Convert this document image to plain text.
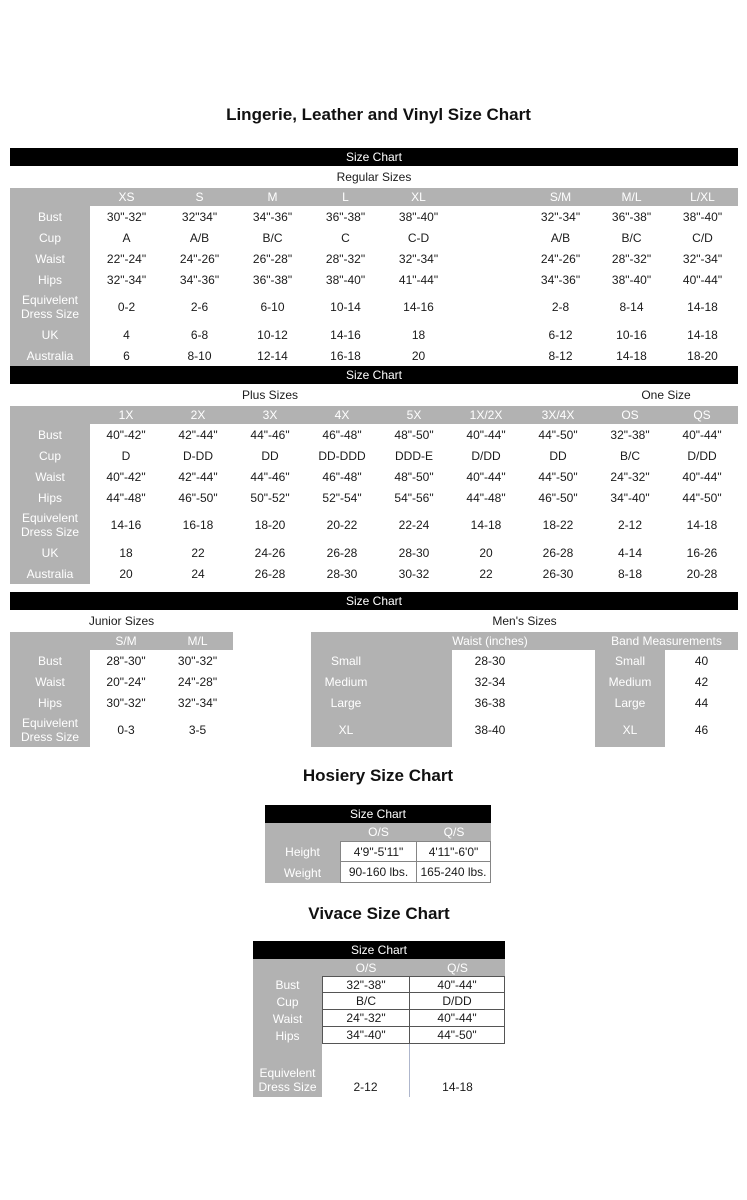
Lingerie, Leather and Vinyl Size Chart
Size Chart
Regular Sizes
XS	S	M	L	XL	S/M	M/L	L/XL
Bust	30"-32"	32"34"	34"-36"	36"-38"	38"-40"	32"-34"	36"-38"	38"-40"
Cup	A	A/B	B/C	C	C-D	A/B	B/C	C/D
Waist	22"-24"	24"-26"	26"-28"	28"-32"	32"-34"	24"-26"	28"-32"	32"-34"
Hips	32"-34"	34"-36"	36"-38"	38"-40"	41"-44"	34"-36"	38"-40"	40"-44"
Equivelent Dress Size	0-2	2-6	6-10	10-14	14-16	2-8	8-14	14-18
UK	4	6-8	10-12	14-16	18	6-12	10-16	14-18
Australia	6	8-10	12-14	16-18	20	8-12	14-18	18-20
Size Chart
Plus Sizes	One Size
1X	2X	3X	4X	5X	1X/2X	3X/4X	OS	QS
Bust	40"-42"	42"-44"	44"-46"	46"-48"	48"-50"	40"-44"	44"-50"	32"-38"	40"-44"
Cup	D	D-DD	DD	DD-DDD	DDD-E	D/DD	DD	B/C	D/DD
Waist	40"-42"	42"-44"	44"-46"	46"-48"	48"-50"	40"-44"	44"-50"	24"-32"	40"-44"
Hips	44"-48"	46"-50"	50"-52"	52"-54"	54"-56"	44"-48"	46"-50"	34"-40"	44"-50"
Equivelent Dress Size	14-16	16-18	18-20	20-22	22-24	14-18	18-22	2-12	14-18
UK	18	22	24-26	26-28	28-30	20	26-28	4-14	16-26
Australia	20	24	26-28	28-30	30-32	22	26-30	8-18	20-28
Size Chart
Junior Sizes	Men's Sizes
S/M	M/L
Bust	28"-30"	30"-32"
Waist	20"-24"	24"-28"
Hips	30"-32"	32"-34"
Equivelent Dress Size	0-3	3-5
Waist (inches)	Band Measurements
Small	28-30	Small	40
Medium	32-34	Medium	42
Large	36-38	Large	44
XL	38-40	XL	46
Hosiery Size Chart
Size Chart
O/S	Q/S
Height	4'9"-5'11"	4'11"-6'0"
Weight	90-160 lbs.	165-240 lbs.
Vivace Size Chart
Size Chart
O/S	Q/S
Bust	32"-38"	40"-44"
Cup	B/C	D/DD
Waist	24"-32"	40"-44"
Hips	34"-40"	44"-50"
Equivelent Dress Size	2-12	14-18
